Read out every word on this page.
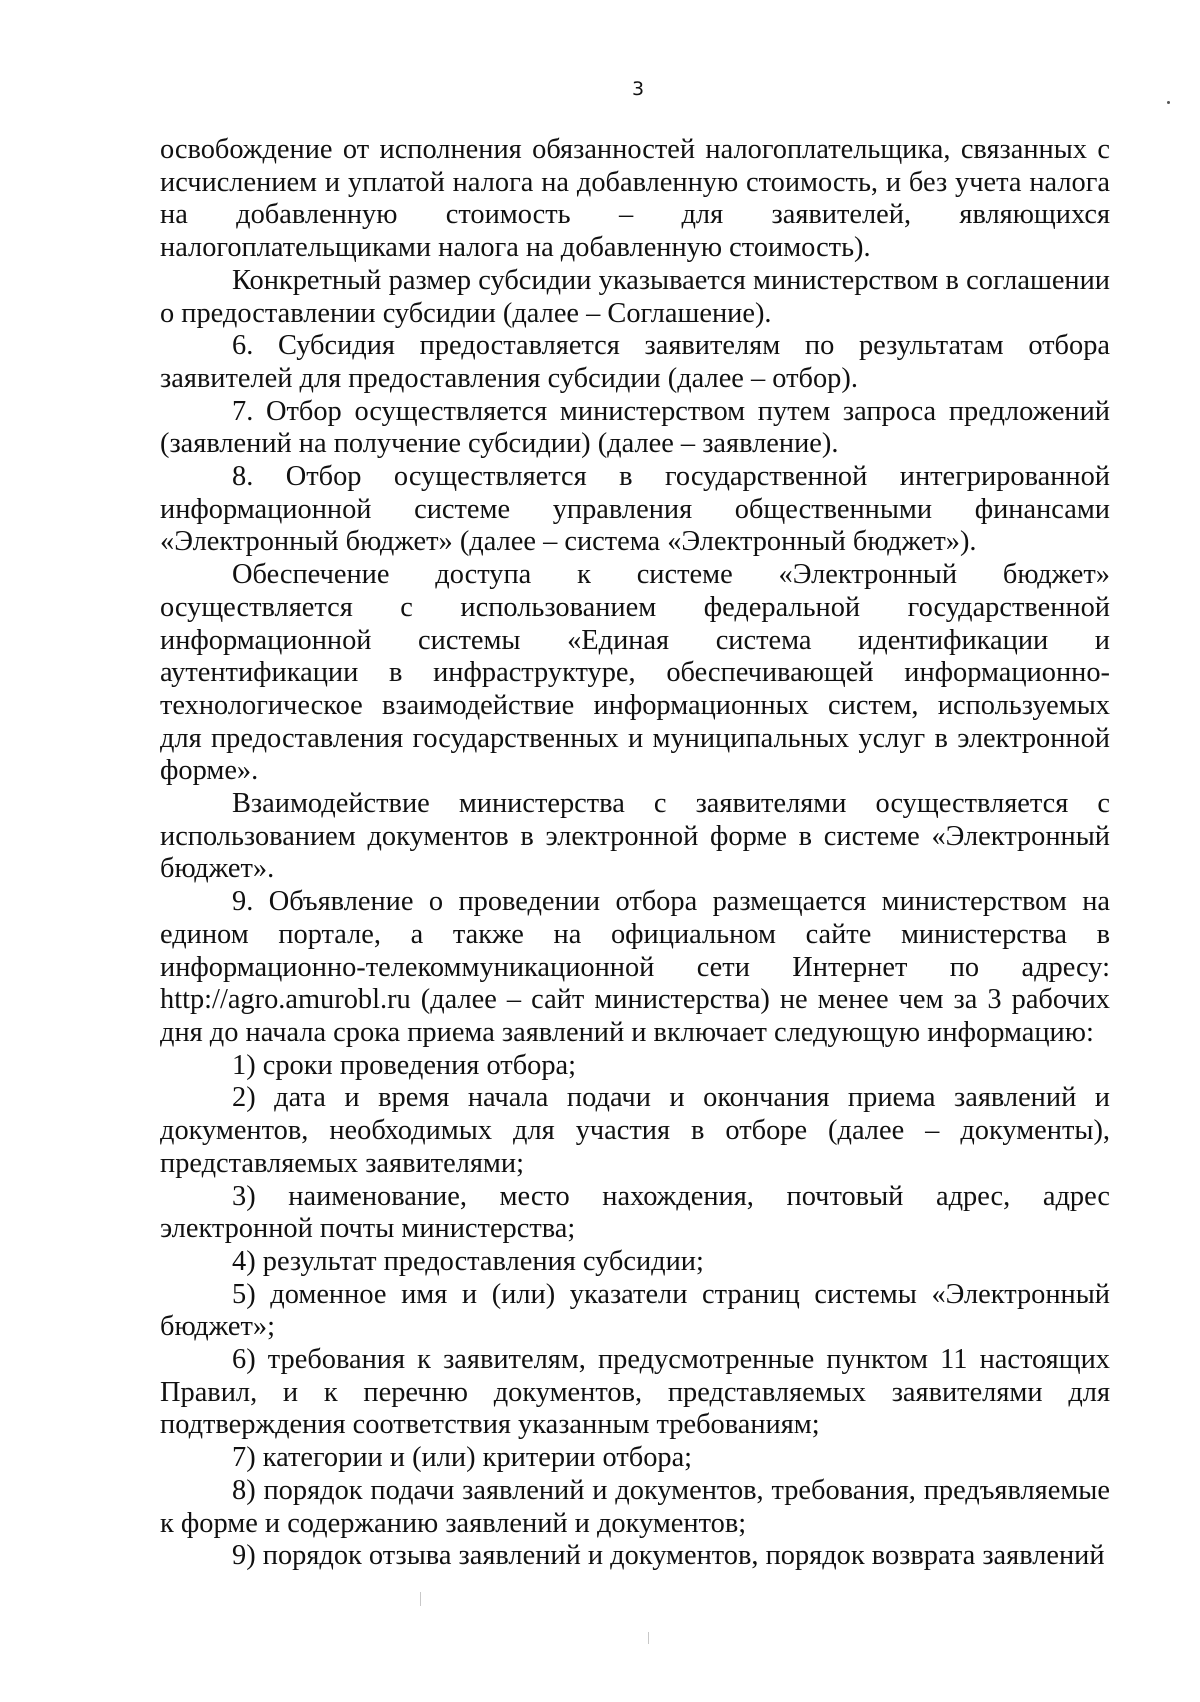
3

освобождение от исполнения обязанностей налогоплательщика, связанных с исчислением и уплатой налога на добавленную стоимость, и без учета налога на добавленную стоимость – для заявителей, являющихся налогоплательщиками налога на добавленную стоимость).

Конкретный размер субсидии указывается министерством в соглашении о предоставлении субсидии (далее – Соглашение).

6. Субсидия предоставляется заявителям по результатам отбора заявителей для предоставления субсидии (далее – отбор).

7. Отбор осуществляется министерством путем запроса предложений (заявлений на получение субсидии) (далее – заявление).

8. Отбор осуществляется в государственной интегрированной информационной системе управления общественными финансами «Электронный бюджет» (далее – система «Электронный бюджет»).

Обеспечение доступа к системе «Электронный бюджет» осуществляется с использованием федеральной государственной информационной системы «Единая система идентификации и аутентификации в инфраструктуре, обеспечивающей информационно-технологическое взаимодействие информационных систем, используемых для предоставления государственных и муниципальных услуг в электронной форме».

Взаимодействие министерства с заявителями осуществляется с использованием документов в электронной форме в системе «Электронный бюджет».

9. Объявление о проведении отбора размещается министерством на едином портале, а также на официальном сайте министерства в информационно-телекоммуникационной сети Интернет по адресу: http://agro.amurobl.ru (далее – сайт министерства) не менее чем за 3 рабочих дня до начала срока приема заявлений и включает следующую информацию:

1) сроки проведения отбора;

2) дата и время начала подачи и окончания приема заявлений и документов, необходимых для участия в отборе (далее – документы), представляемых заявителями;

3) наименование, место нахождения, почтовый адрес, адрес электронной почты министерства;

4) результат предоставления субсидии;

5) доменное имя и (или) указатели страниц системы «Электронный бюджет»;

6) требования к заявителям, предусмотренные пунктом 11 настоящих Правил, и к перечню документов, представляемых заявителями для подтверждения соответствия указанным требованиям;

7) категории и (или) критерии отбора;

8) порядок подачи заявлений и документов, требования, предъявляемые к форме и содержанию заявлений и документов;

9) порядок отзыва заявлений и документов, порядок возврата заявлений
